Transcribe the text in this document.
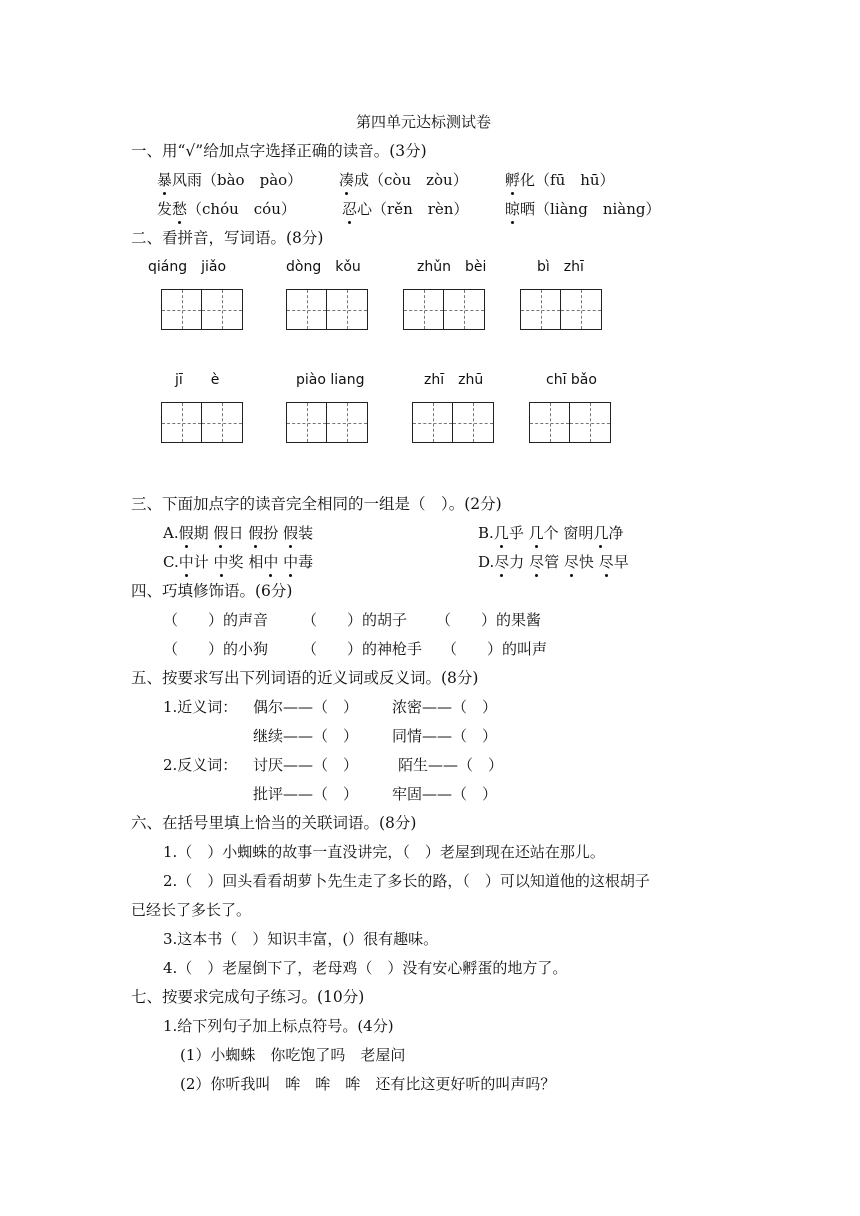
第四单元达标测试卷
一、用“√”给加点字选择正确的读音。(3分)
暴风雨（bào　pào） 凑成（còu　zòu） 孵化（fū　hū）
发愁（chóu　cóu）	忍心（rěn　rèn） 晾晒（liàng　niàng）
二、看拼音，写词语。(8分)
qiáng　jiǎo	dòng　kǒu	zhǔn　bèi	bì　zhī
jī　　è	piào liang	zhī　zhū	chī bǎo
三、下面加点字的读音完全相同的一组是（　）。(2分)
A.假期 假日 假扮 假装	B.几乎 几个 窗明几净
C.中计 中奖 相中 中毒	D.尽力 尽管 尽快 尽早
四、巧填修饰语。(6分)
（　　）的声音 （　　）的胡子 （　　）的果酱
（　　）的小狗 （　　）的神枪手 （　　）的叫声
五、按要求写出下列词语的近义词或反义词。(8分)
1.近义词： 偶尔——（　） 浓密——（　）
继续——（　） 同情——（　）
2.反义词： 讨厌——（　）	陌生——（　）
批评——（　） 牢固——（　）
六、在括号里填上恰当的关联词语。(8分)
1.（　）小蜘蛛的故事一直没讲完，（　）老屋到现在还站在那儿。
2.（　）回头看看胡萝卜先生走了多长的路，（　）可以知道他的这根胡子
已经长了多长了。
3.这本书（　）知识丰富，(）很有趣味。
4.（　）老屋倒下了，老母鸡（　）没有安心孵蛋的地方了。
七、按要求完成句子练习。(10分)
1.给下列句子加上标点符号。(4分)
(1）小蜘蛛　你吃饱了吗　老屋问
(2）你听我叫　哞　哞　哞　还有比这更好听的叫声吗？
